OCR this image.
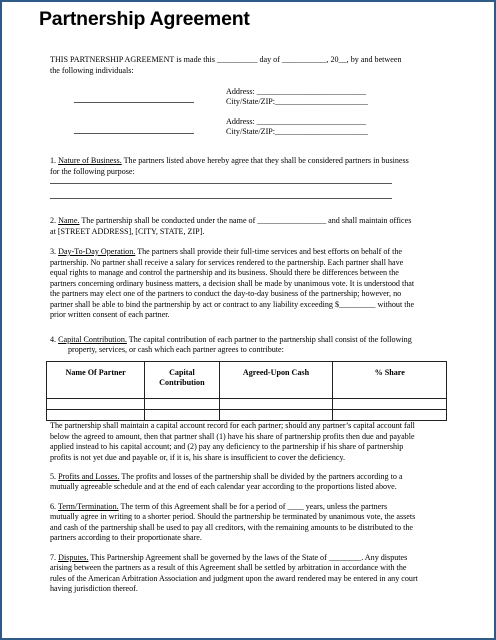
Partnership Agreement

THIS PARTNERSHIP AGREEMENT is made this __________ day of ___________, 20__, by and between

the following individuals:

Address: ___________________________

City/State/ZIP:_______________________

Address: ___________________________

City/State/ZIP:_______________________

1. Nature of Business. The partners listed above hereby agree that they shall be considered partners in business

for the following purpose:

2. Name. The partnership shall be conducted under the name of _________________ and shall maintain offices

at [STREET ADDRESS], [CITY, STATE, ZIP].

3. Day-To-Day Operation. The partners shall provide their full-time services and best efforts on behalf of the

partnership. No partner shall receive a salary for services rendered to the partnership. Each partner shall have

equal rights to manage and control the partnership and its business. Should there be differences between the

partners concerning ordinary business matters, a decision shall be made by unanimous vote. It is understood that

the partners may elect one of the partners to conduct the day-to-day business of the partnership; however, no

partner shall be able to bind the partnership by act or contract to any liability exceeding $_________ without the

prior written consent of each partner.

4. Capital Contribution. The capital contribution of each partner to the partnership shall consist of the following

property, services, or cash which each partner agrees to contribute:

Name Of Partner	Capital Contribution	Agreed-Upon Cash	% Share

The partnership shall maintain a capital account record for each partner; should any partner’s capital account fall

below the agreed to amount, then that partner shall (1) have his share of partnership profits then due and payable

applied instead to his capital account; and (2) pay any deficiency to the partnership if his share of partnership

profits is not yet due and payable or, if it is, his share is insufficient to cover the deficiency.

5. Profits and Losses. The profits and losses of the partnership shall be divided by the partners according to a

mutually agreeable schedule and at the end of each calendar year according to the proportions listed above.

6. Term/Termination. The term of this Agreement shall be for a period of ____ years, unless the partners

mutually agree in writing to a shorter period. Should the partnership be terminated by unanimous vote, the assets

and cash of the partnership shall be used to pay all creditors, with the remaining amounts to be distributed to the

partners according to their proportionate share.

7. Disputes. This Partnership Agreement shall be governed by the laws of the State of ________. Any disputes

arising between the partners as a result of this Agreement shall be settled by arbitration in accordance with the

rules of the American Arbitration Association and judgment upon the award rendered may be entered in any court

having jurisdiction thereof.
